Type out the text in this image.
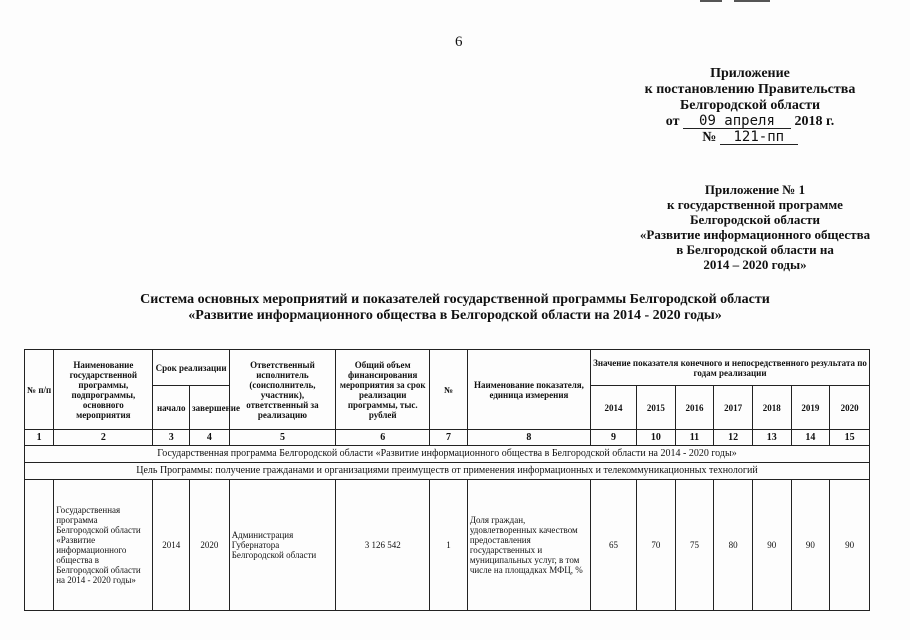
6
Приложение
к постановлению Правительства
Белгородской области
от 09 апреля 2018 г.
№ 121-пп
Приложение № 1
к государственной программе
Белгородской области
«Развитие информационного общества
в Белгородской области на
2014 – 2020 годы»
Система основных мероприятий и показателей государственной программы Белгородской области
«Развитие информационного общества в Белгородской области на 2014 - 2020 годы»
№ п/п	Наименование государственной программы, подпрограммы, основного мероприятия	Срок реализации		Ответственный исполнитель (соисполнитель, участник), ответственный за реализацию	Общий объем финансирования мероприятия за срок реализации программы, тыс. рублей	№	Наименование показателя, единица измерения	Значение показателя конечного и непосредственного результата по годам реализации						
		начало	завершение					2014	2015	2016	2017	2018	2019	2020
1	2	3	4	5	6	7	8	9	10	11	12	13	14	15
Государственная программа Белгородской области «Развитие информационного общества в Белгородской области на 2014 - 2020 годы»														
Цель Программы: получение гражданами и организациями преимуществ от применения информационных и телекоммуникационных технологий														
	Государственная программа Белгородской области «Развитие информационного общества в Белгородской области на 2014 - 2020 годы»	2014	2020	Администрация Губернатора Белгородской области	3 126 542	1	Доля граждан, удовлетворенных качеством предоставления государственных и муниципальных услуг, в том числе на площадках МФЦ, %	65	70	75	80	90	90	90
